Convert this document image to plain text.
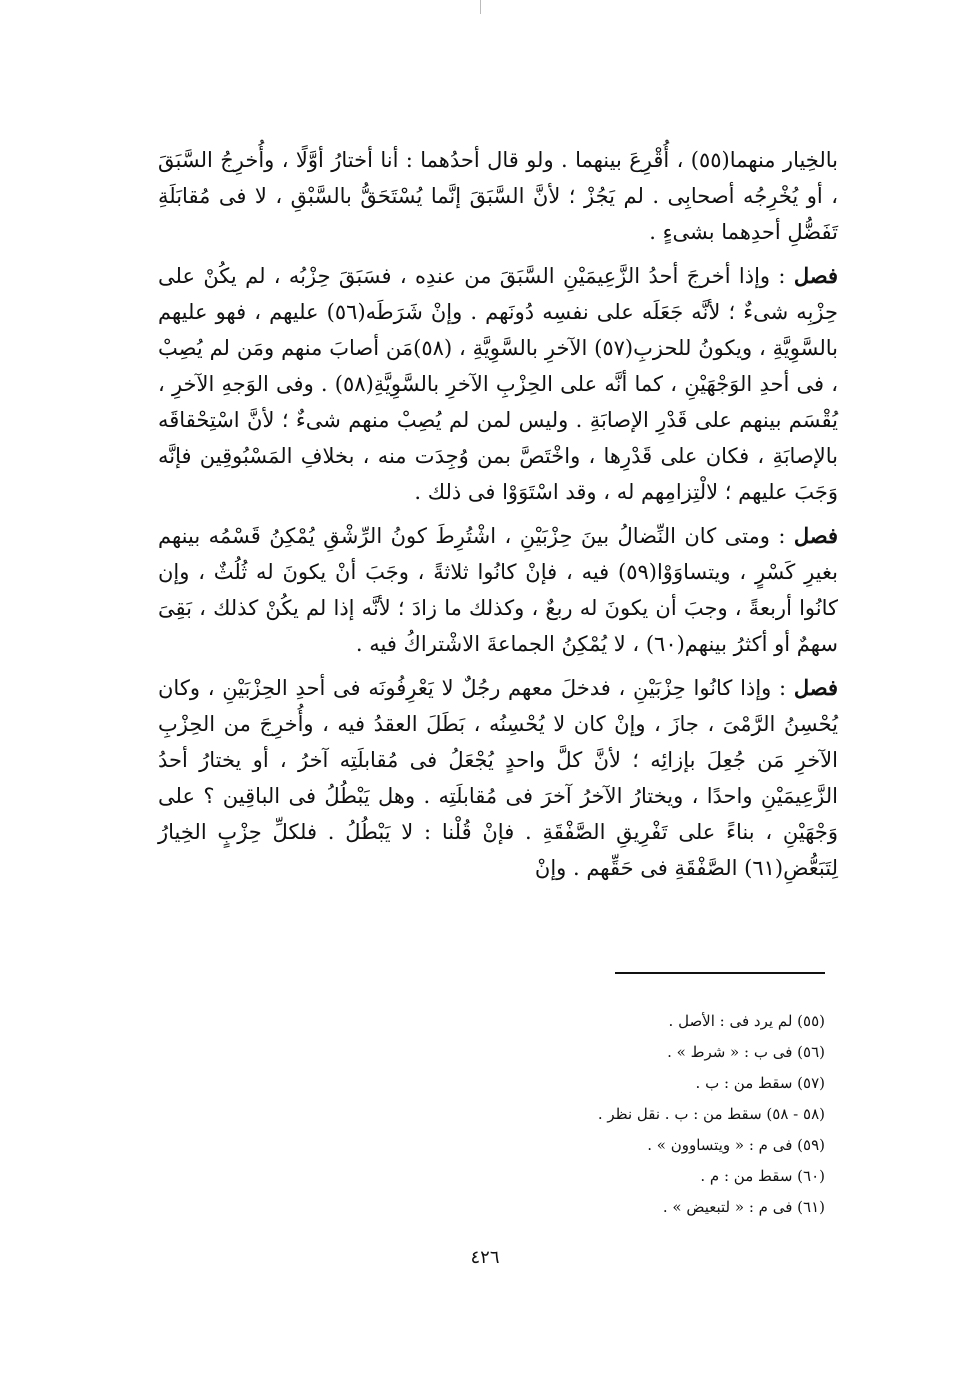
بالخِيار منهما(٥٥) ، أُقْرِعَ بينهما . ولو قال أحدُهما : أنا أختارُ أوَّلًا ، وأُخرِجُ السَّبَقَ ، أو يُخْرِجُه أصحابِى . لم يَجُزْ ؛ لأنَّ السَّبَقَ إنَّما يُسْتَحَقُّ بالسَّبْقِ ، لا فى مُقابَلَةِ تَفَضُّلِ أحدِهما بشىءٍ .

فصل : وإذا أخرجَ أحدُ الزَّعِيمَيْنِ السَّبَقَ من عندِه ، فسَبَقَ حِزْبُه ، لم يكُنْ على حِزْبِه شىءٌ ؛ لأنَّه جَعَلَه على نفسِه دُونَهم . وإنْ شَرَطَه(٥٦) عليهم ، فهو عليهم بالسَّوِيَّةِ ، ويكونُ للحزبِ(٥٧) الآخرِ بالسَّوِيَّةِ ، (٥٨)مَن أصابَ منهم ومَن لم يُصِبْ ، فى أحدِ الوَجْهَيْنِ ، كما أنَّه على الحِزْبِ الآخرِ بالسَّوِيَّةِ(٥٨) . وفى الوَجهِ الآخرِ ، يُقْسَم بينهم على قَدْرِ الإصابَةِ . وليس لمن لم يُصِبْ منهم شىءٌ ؛ لأنَّ اسْتِحْقاقَه بالإصابَةِ ، فكان على قَدْرِها ، واخْتَصَّ بمن وُجِدَت منه ، بخلافِ المَسْبُوقِين فإنَّه وَجَبَ عليهم ؛ لالْتِزامِهم له ، وقد اسْتَوَوْا فى ذلك .

فصل : ومتى كان النِّضالُ بينَ حِزْبَيْنِ ، اشْتُرِطَ كونُ الرِّشْقِ يُمْكِنُ قَسْمُه بينهم بغيرِ كَسْرٍ ، ويتساوَوْا(٥٩) فيه ، فإنْ كانُوا ثلاثةً ، وجَبَ أنْ يكونَ له ثُلُثٌ ، وإن كانُوا أربعةً ، وجبَ أن يكونَ له ربعٌ ، وكذلك ما زادَ ؛ لأنَّه إذا لم يكُنْ كذلك ، بَقِىَ سهمٌ أو أكثرُ بينهم(٦٠) ، لا يُمْكِنُ الجماعةَ الاشْتراكُ فيه .

فصل : وإذا كانُوا حِزْبَيْنِ ، فدخلَ معهم رجُلٌ لا يَعْرِفُونَه فى أحدِ الحِزْبَيْنِ ، وكان يُحْسِنُ الرَّمْىَ ، جازَ ، وإنْ كان لا يُحْسِنُه ، بَطَلَ العقدُ فيه ، وأُخرِجَ من الحِزْبِ الآخرِ مَن جُعِلَ بإزائِه ؛ لأنَّ كلَّ واحدٍ يُجْعَلُ فى مُقابلَتِه آخرُ ، أو يختارُ أحدُ الزَّعِيمَيْنِ واحدًا ، ويختارُ الآخرُ آخرَ فى مُقابلَتِه . وهل يَبْطُلُ فى الباقِين ؟ على وَجْهَيْنِ ، بناءً على تَفْرِيقِ الصَّفْقَةِ . فإنْ قُلْنا : لا يَبْطُلُ . فلكلِّ حِزْبٍ الخِيارُ لِتَبَعُّضِ(٦١) الصَّفْقَةِ فى حَقِّهم . وإنْ

(٥٥) لم يرد فى : الأصل .
(٥٦) فى ب : « شرط » .
(٥٧) سقط من : ب .
(٥٨ - ٥٨) سقط من : ب . نقل نظر .
(٥٩) فى م : « ويتساوون » .
(٦٠) سقط من : م .
(٦١) فى م : « لتبعيض » .
٤٢٦
